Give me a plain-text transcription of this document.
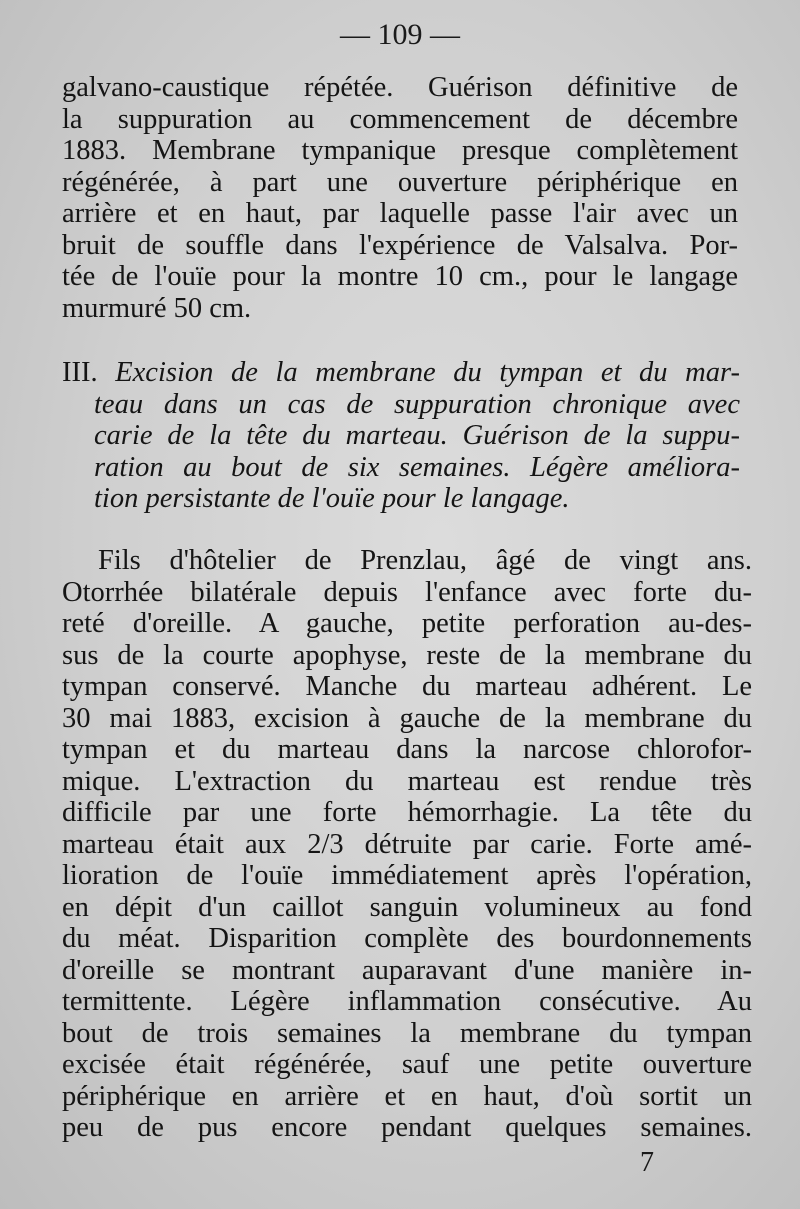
— 109 —
galvano-caustique répétée. Guérison définitive de
la suppuration au commencement de décembre
1883. Membrane tympanique presque complètement
régénérée, à part une ouverture périphérique en
arrière et en haut, par laquelle passe l'air avec un
bruit de souffle dans l'expérience de Valsalva. Por-
tée de l'ouïe pour la montre 10 cm., pour le langage
murmuré 50 cm.
III. Excision de la membrane du tympan et du mar-
teau dans un cas de suppuration chronique avec
carie de la tête du marteau. Guérison de la suppu-
ration au bout de six semaines. Légère améliora-
tion persistante de l'ouïe pour le langage.
Fils d'hôtelier de Prenzlau, âgé de vingt ans.
Otorrhée bilatérale depuis l'enfance avec forte du-
reté d'oreille. A gauche, petite perforation au-des-
sus de la courte apophyse, reste de la membrane du
tympan conservé. Manche du marteau adhérent. Le
30 mai 1883, excision à gauche de la membrane du
tympan et du marteau dans la narcose chlorofor-
mique. L'extraction du marteau est rendue très
difficile par une forte hémorrhagie. La tête du
marteau était aux 2/3 détruite par carie. Forte amé-
lioration de l'ouïe immédiatement après l'opération,
en dépit d'un caillot sanguin volumineux au fond
du méat. Disparition complète des bourdonnements
d'oreille se montrant auparavant d'une manière in-
termittente. Légère inflammation consécutive. Au
bout de trois semaines la membrane du tympan
excisée était régénérée, sauf une petite ouverture
périphérique en arrière et en haut, d'où sortit un
peu de pus encore pendant quelques semaines.
7
